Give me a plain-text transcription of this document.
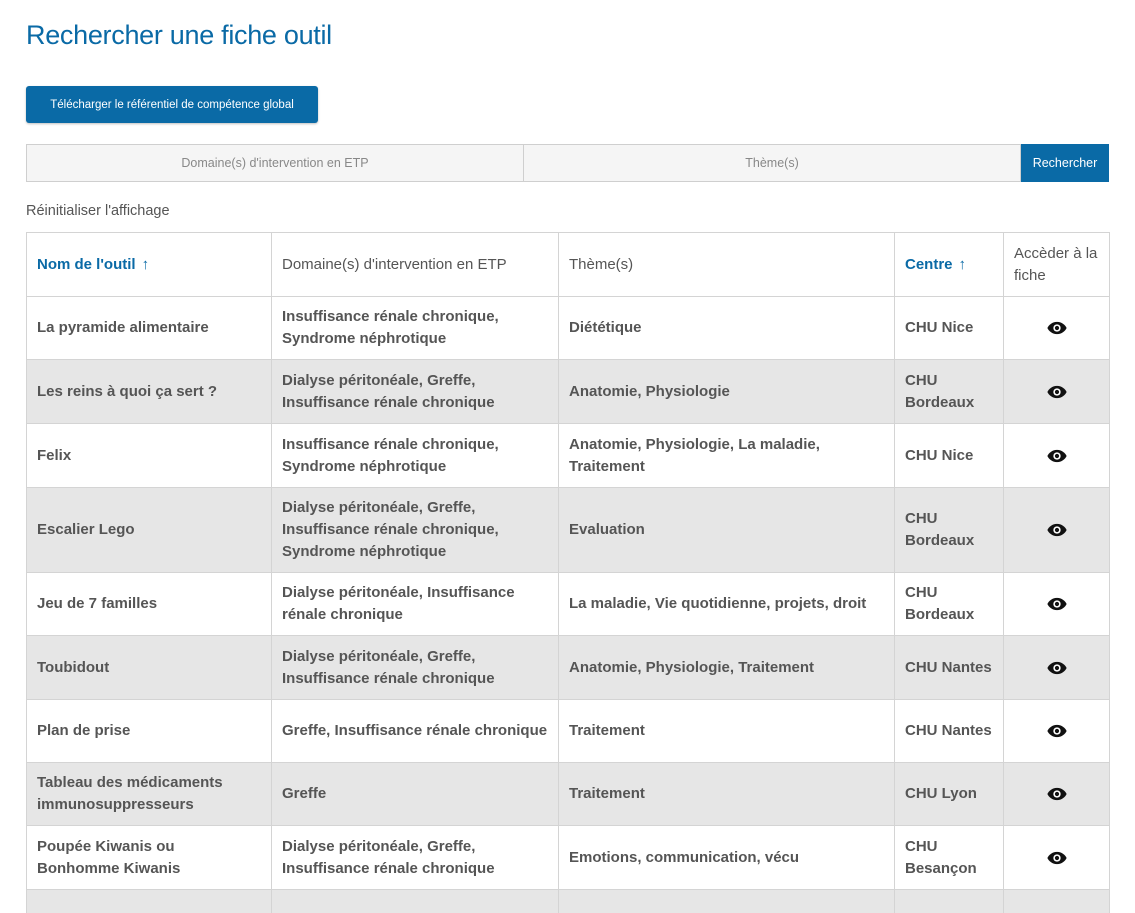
Rechercher une fiche outil
Télécharger le référentiel de compétence global
Domaine(s) d'intervention en ETP	Thème(s)	Rechercher
Réinitialiser l'affichage
Nom de l'outil ↑	Domaine(s) d'intervention en ETP	Thème(s)	Centre ↑	Accèder à la fiche
La pyramide alimentaire	Insuffisance rénale chronique, Syndrome néphrotique	Diététique	CHU Nice	

Les reins à quoi ça sert ?	Dialyse péritonéale, Greffe, Insuffisance rénale chronique	Anatomie, Physiologie	CHU Bordeaux	

Felix	Insuffisance rénale chronique, Syndrome néphrotique	Anatomie, Physiologie, La maladie, Traitement	CHU Nice	

Escalier Lego	Dialyse péritonéale, Greffe, Insuffisance rénale chronique, Syndrome néphrotique	Evaluation	CHU Bordeaux	

Jeu de 7 familles	Dialyse péritonéale, Insuffisance rénale chronique	La maladie, Vie quotidienne, projets, droit	CHU Bordeaux	

Toubidout	Dialyse péritonéale, Greffe, Insuffisance rénale chronique	Anatomie, Physiologie, Traitement	CHU Nantes	

Plan de prise	Greffe, Insuffisance rénale chronique	Traitement	CHU Nantes	

Tableau des médicaments immunosuppresseurs	Greffe	Traitement	CHU Lyon	

Poupée Kiwanis ou Bonhomme Kiwanis	Dialyse péritonéale, Greffe, Insuffisance rénale chronique	Emotions, communication, vécu	CHU Besançon	
